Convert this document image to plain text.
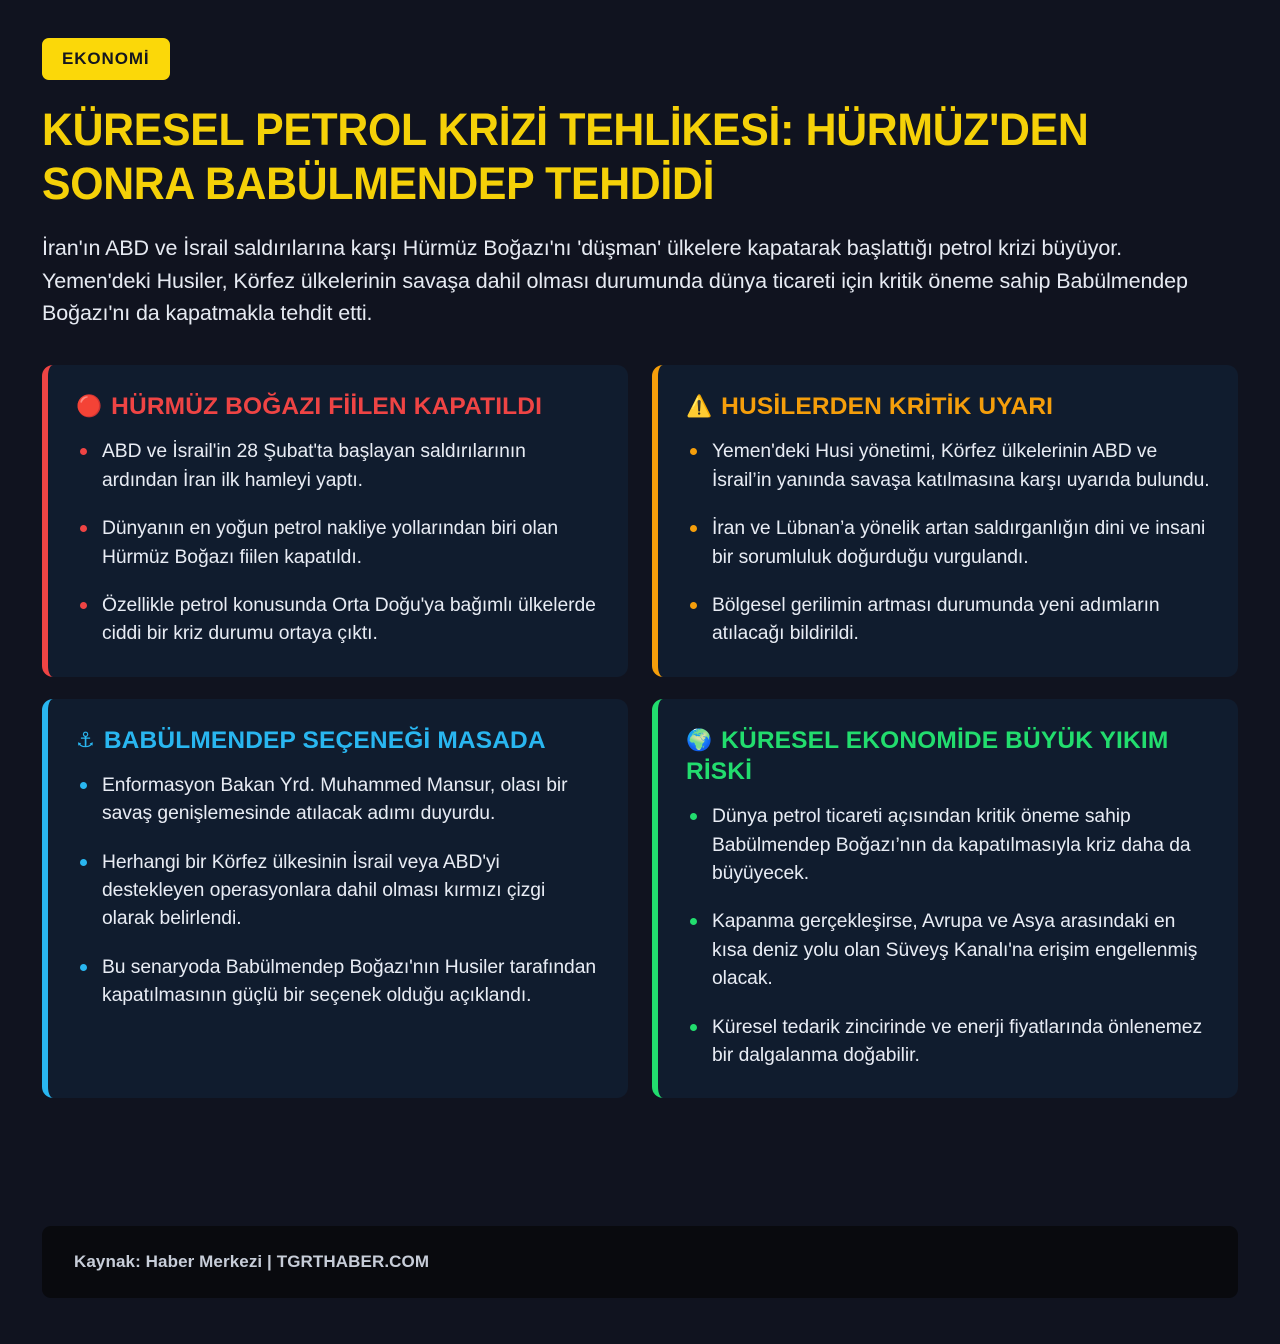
EKONOMİ
KÜRESEL PETROL KRİZİ TEHLİKESİ: HÜRMÜZ'DEN SONRA BABÜLMENDEP TEHDİDİ

İran'ın ABD ve İsrail saldırılarına karşı Hürmüz Boğazı'nı 'düşman' ülkelere kapatarak başlattığı petrol krizi büyüyor. Yemen'deki Husiler, Körfez ülkelerinin savaşa dahil olması durumunda dünya ticareti için kritik öneme sahip Babülmendep Boğazı'nı da kapatmakla tehdit etti.

🔴 HÜRMÜZ BOĞAZI FİİLEN KAPATILDI
ABD ve İsrail'in 28 Şubat'ta başlayan saldırılarının ardından İran ilk hamleyi yaptı.
Dünyanın en yoğun petrol nakliye yollarından biri olan Hürmüz Boğazı fiilen kapatıldı.
Özellikle petrol konusunda Orta Doğu'ya bağımlı ülkelerde ciddi bir kriz durumu ortaya çıktı.
⚠️ HUSİLERDEN KRİTİK UYARI
Yemen'deki Husi yönetimi, Körfez ülkelerinin ABD ve İsrail’in yanında savaşa katılmasına karşı uyarıda bulundu.
İran ve Lübnan’a yönelik artan saldırganlığın dini ve insani bir sorumluluk doğurduğu vurgulandı.
Bölgesel gerilimin artması durumunda yeni adımların atılacağı bildirildi.
⚓ BABÜLMENDEP SEÇENEĞİ MASADA
Enformasyon Bakan Yrd. Muhammed Mansur, olası bir savaş genişlemesinde atılacak adımı duyurdu.
Herhangi bir Körfez ülkesinin İsrail veya ABD'yi destekleyen operasyonlara dahil olması kırmızı çizgi olarak belirlendi.
Bu senaryoda Babülmendep Boğazı'nın Husiler tarafından kapatılmasının güçlü bir seçenek olduğu açıklandı.
🌍 KÜRESEL EKONOMİDE BÜYÜK YIKIM RİSKİ
Dünya petrol ticareti açısından kritik öneme sahip Babülmendep Boğazı’nın da kapatılmasıyla kriz daha da büyüyecek.
Kapanma gerçekleşirse, Avrupa ve Asya arasındaki en kısa deniz yolu olan Süveyş Kanalı'na erişim engellenmiş olacak.
Küresel tedarik zincirinde ve enerji fiyatlarında önlenemez bir dalgalanma doğabilir.
Kaynak: Haber Merkezi | TGRTHABER.COM
